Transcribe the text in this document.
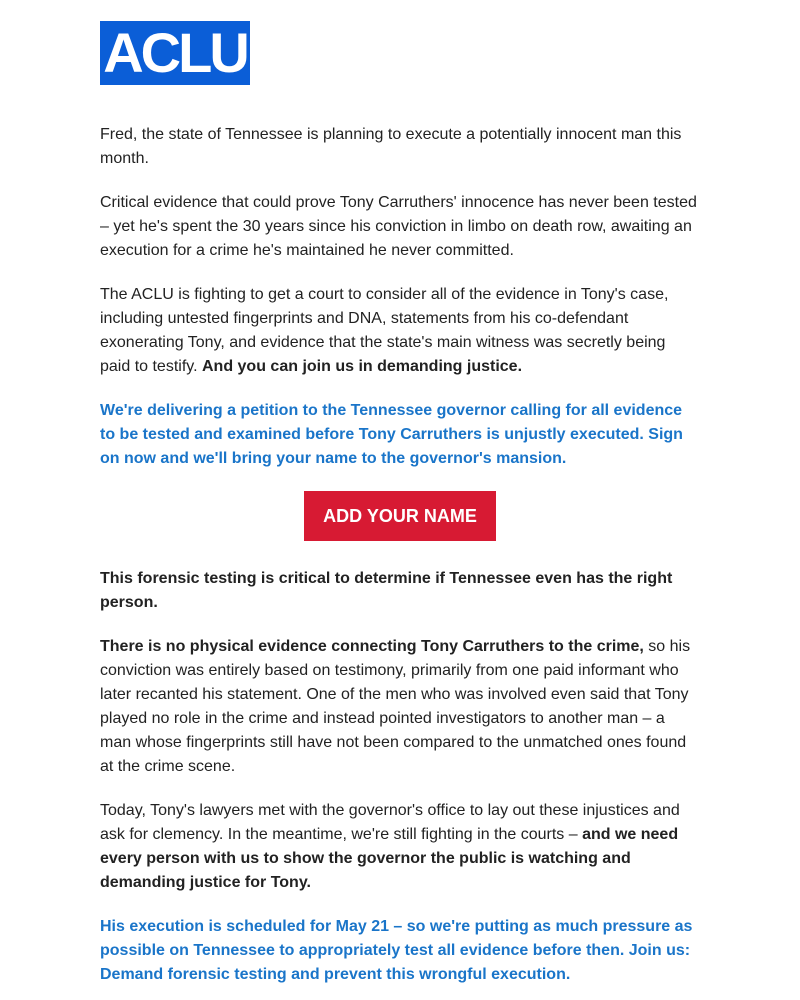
ACLU

Fred, the state of Tennessee is planning to execute a potentially innocent man this month.

Critical evidence that could prove Tony Carruthers' innocence has never been tested – yet he's spent the 30 years since his conviction in limbo on death row, awaiting an execution for a crime he's maintained he never committed.

The ACLU is fighting to get a court to consider all of the evidence in Tony's case, including untested fingerprints and DNA, statements from his co-defendant exonerating Tony, and evidence that the state's main witness was secretly being paid to testify. And you can join us in demanding justice.

We're delivering a petition to the Tennessee governor calling for all evidence to be tested and examined before Tony Carruthers is unjustly executed. Sign on now and we'll bring your name to the governor's mansion.

ADD YOUR NAME

This forensic testing is critical to determine if Tennessee even has the right person.

There is no physical evidence connecting Tony Carruthers to the crime, so his conviction was entirely based on testimony, primarily from one paid informant who later recanted his statement. One of the men who was involved even said that Tony played no role in the crime and instead pointed investigators to another man – a man whose fingerprints still have not been compared to the unmatched ones found at the crime scene.

Today, Tony's lawyers met with the governor's office to lay out these injustices and ask for clemency. In the meantime, we're still fighting in the courts – and we need every person with us to show the governor the public is watching and demanding justice for Tony.

His execution is scheduled for May 21 – so we're putting as much pressure as possible on Tennessee to appropriately test all evidence before then. Join us: Demand forensic testing and prevent this wrongful execution.
